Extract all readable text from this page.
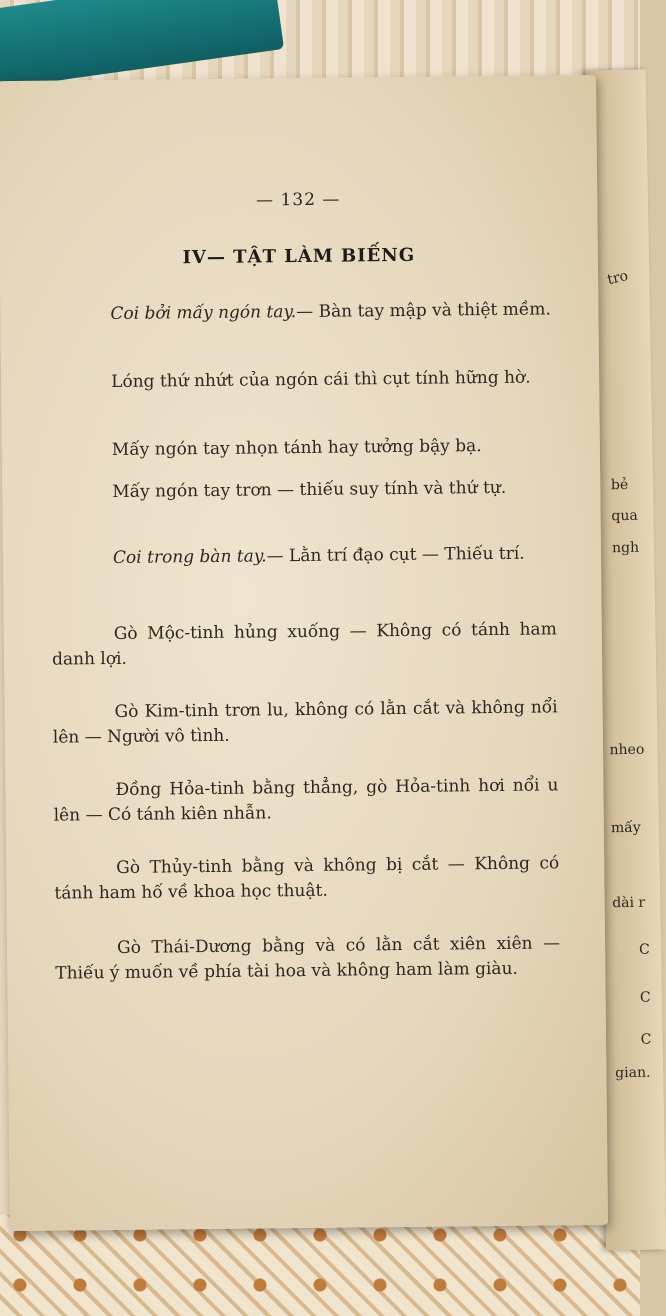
tro
bẻ
qua
ngh
nheo
mấy
dài r
C
C
C
gian.
— 132 —
IV— TẬT LÀM BIẾNG
Coi bởi mấy ngón tay.— Bàn tay mập và thiệt mềm.
Lóng thứ nhứt của ngón cái thì cụt tính hững hờ.
Mấy ngón tay nhọn tánh hay tưởng bậy bạ.
Mấy ngón tay trơn — thiếu suy tính và thứ tự.
Coi trong bàn tay.— Lằn trí đạo cụt — Thiếu trí.
Gò Mộc-tinh hủng xuống — Không có tánh ham danh lợi.
Gò Kim-tinh trơn lu, không có lằn cắt và không nổi lên — Người vô tình.
Đồng Hỏa-tinh bằng thẳng, gò Hỏa-tinh hơi nổi u lên — Có tánh kiên nhẫn.
Gò Thủy-tinh bằng và không bị cắt — Không có tánh ham hố về khoa học thuật.
Gò Thái-Dương bằng và có lằn cắt xiên xiên — Thiếu ý muốn về phía tài hoa và không ham làm giàu.
